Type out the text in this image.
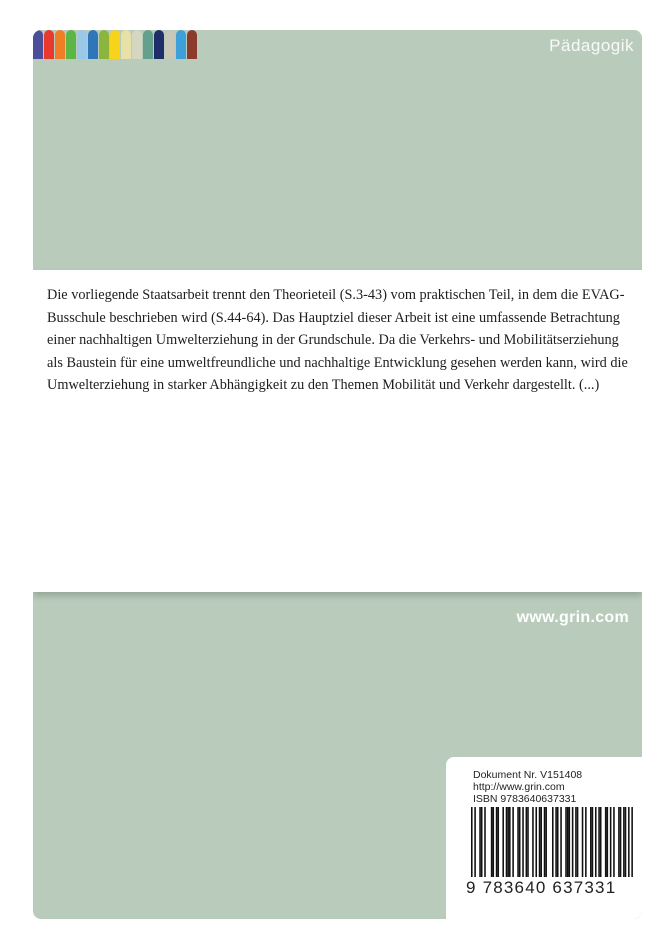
Pädagogik

Die vorliegende Staatsarbeit trennt den Theorieteil (S.3-43) vom praktischen Teil, in dem die EVAG-Busschule beschrieben wird (S.44-64). Das Hauptziel dieser Arbeit ist eine umfassende Betrachtung einer nachhaltigen Umwelterziehung in der Grundschule. Da die Verkehrs- und Mobilitätserziehung als Baustein für eine umweltfreundliche und nachhaltige Entwicklung gesehen werden kann, wird die Umwelterziehung in starker Abhängigkeit zu den Themen Mobilität und Verkehr dargestellt. (...)

www.grin.com
Dokument Nr. V151408
http://www.grin.com
ISBN 9783640637331
9 783640 637331
